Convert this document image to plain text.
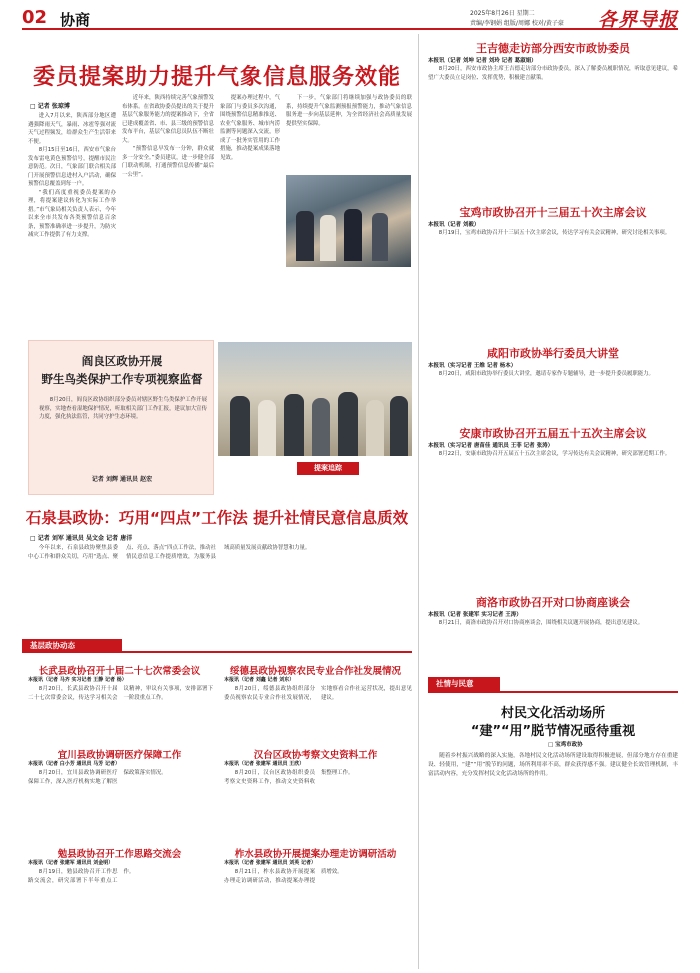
02 协商	2025年8月26日 星期二
责编/李钢娟 组版/周娜 校对/黄子豪 各界导报
委员提案助力提升气象信息服务效能
□ 记者 张琼博

进入7月以来，陕西部分地区遭遇强降雨天气，暴雨、冰雹等强对流天气过程频发，给群众生产生活带来不便。

8月15日至16日，西安市气象台发布雷电黄色预警信号，提醒市民注意防范。次日，气象部门联合相关部门开展预警信息进村入户活动，确保预警信息覆盖到每一户。

“我们高度重视委员提案的办理，将提案建议转化为实际工作举措。”市气象局相关负责人表示，今年以来全市共发布各类预警信息百余条，预警准确率进一步提升，为防灾减灾工作提供了有力支撑。

近年来，陕西持续完善气象预警发布体系。在省政协委员提出的关于提升基层气象服务能力的提案推动下，全省已建成覆盖省、市、县三级的预警信息发布平台，基层气象信息员队伍不断壮大。

“预警信息早发布一分钟，群众就多一分安全。”委员建议，进一步健全部门联动机制，打通预警信息传播“最后一公里”。

提案办理过程中，气象部门与委员多次沟通，围绕预警信息精准推送、农业气象服务、城市内涝监测等问题深入交流，形成了一批务实管用的工作措施，推动提案成果落地见效。

下一步，气象部门将继续加强与政协委员的联系，持续提升气象监测预报预警能力，推动气象信息服务进一步向基层延伸，为全省经济社会高质量发展提供坚实保障。

阎良区政协开展
野生鸟类保护工作专项视察监督

8月20日，阎良区政协组织部分委员对辖区野生鸟类保护工作开展视察，实地查看湿地保护情况，听取相关部门工作汇报，建议加大宣传力度，强化执法监管，共同守护生态环境。

记者 刘辉 通讯员 赵宏
提案追踪
石泉县政协：巧用“四点”工作法 提升社情民意信息质效
□ 记者 刘军 通讯员 吴文金 记者 唐洋

今年以来，石泉县政协聚焦县委中心工作和群众关切，巧用“选点、聚点、亮点、落点”四点工作法，推动社情民意信息工作提质增效，为服务县域高质量发展贡献政协智慧和力量。

基层政协动态
长武县政协召开十届二十七次常委会议
本报讯（记者 马齐 实习记者 王静 记者 杨）

8月20日，长武县政协召开十届二十七次常委会议，传达学习相关会议精神，审议有关事项，安排部署下一阶段重点工作。

绥德县政协视察农民专业合作社发展情况
本报讯（记者 刘鑫 记者 刘东）

8月20日，绥德县政协组织部分委员视察农民专业合作社发展情况，实地察看合作社运营状况，提出意见建议。

宜川县政协调研医疗保障工作
本报讯（记者 白小芳 通讯员 马芳 记者）

8月20日，宜川县政协调研医疗保障工作，深入医疗机构实地了解医保政策落实情况。

汉台区政协考察文史资料工作
本报讯（记者 张建军 通讯员 王欣）

8月20日，汉台区政协组织委员考察文史资料工作，推动文史资料收集整理工作。

勉县政协召开工作思路交流会
本报讯（记者 张建军 通讯员 刘金明）

8月19日，勉县政协召开工作思路交流会，研究部署下半年重点工作。

柞水县政协开展提案办理走访调研活动
本报讯（记者 张建军 通讯员 刘英 记者）

8月21日，柞水县政协开展提案办理走访调研活动，推动提案办理提质增效。

王吉德走访部分西安市政协委员
本报讯（记者 刘坤 记者 刘玲 记者 葛淑娟）

8月20日，西安市政协主席王吉德走访部分市政协委员，深入了解委员履职情况，听取意见建议，希望广大委员立足岗位、发挥优势，积极建言献策。

宝鸡市政协召开十三届五十次主席会议
本报讯（记者 刘毅）

8月19日，宝鸡市政协召开十三届五十次主席会议，传达学习有关会议精神，研究讨论相关事项。

咸阳市政协举行委员大讲堂
本报讯（实习记者 王维 记者 杨本）

8月20日，咸阳市政协举行委员大讲堂，邀请专家作专题辅导，进一步提升委员履职能力。

安康市政协召开五届五十五次主席会议
本报讯（实习记者 唐苗佳 通讯员 王菲 记者 张涛）

8月22日，安康市政协召开五届五十五次主席会议，学习传达有关会议精神，研究部署近期工作。

商洛市政协召开对口协商座谈会
本报讯（记者 张建军 实习记者 王涛）

8月21日，商洛市政协召开对口协商座谈会，围绕相关议题开展协商，提出意见建议。

社情与民意
村民文化活动场所
“建”“用”脱节情况亟待重视
□ 宝鸡市政协

随着乡村振兴战略的深入实施，各地村民文化活动场所建设取得积极进展，但部分地方存在重建设、轻使用，“建”“用”脱节的问题，场所利用率不高，群众获得感不强。建议健全长效管理机制，丰富活动内容，充分发挥村民文化活动场所的作用。
